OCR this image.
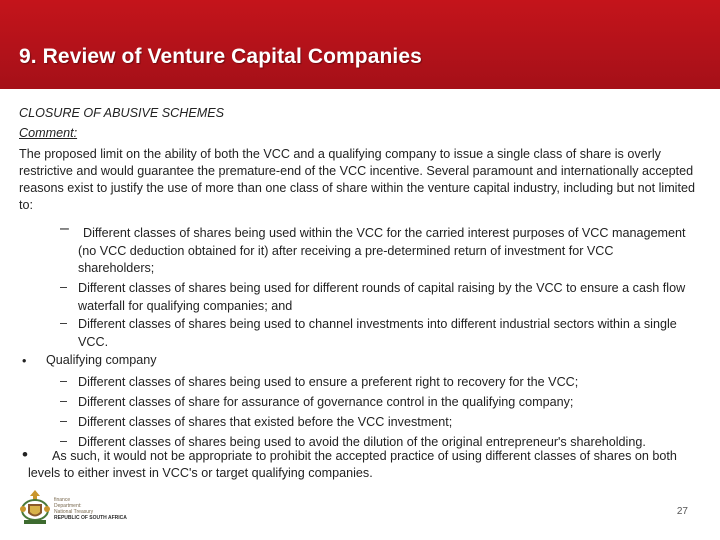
9. Review of Venture Capital Companies
CLOSURE OF ABUSIVE SCHEMES
Comment:
The proposed limit on the ability of both the VCC and a qualifying company to issue a single class of share is overly restrictive and would guarantee the premature-end of the VCC incentive. Several paramount and internationally accepted reasons exist to justify the use of more than one class of share within the venture capital industry, including but not limited to:
–	Different classes of shares being used within the VCC for the carried interest purposes of VCC management (no VCC deduction obtained for it) after receiving a pre-determined return of investment for VCC shareholders;
– Different classes of shares being used for different rounds of capital raising by the VCC to ensure a cash flow waterfall for qualifying companies; and
– Different classes of shares being used to channel investments into different industrial sectors within a single VCC.
• Qualifying company
– Different classes of shares being used to ensure a preferent right to recovery for the VCC;
– Different classes of share for assurance of governance control in the qualifying company;
– Different classes of shares that existed before the VCC investment;
– Different classes of shares being used to avoid the dilution of the original entrepreneur's shareholding.
•	As such, it would not be appropriate to prohibit the accepted practice of using different classes of shares on both levels to either invest in VCC's or target qualifying companies.
finance
Department:
National Treasury
REPUBLIC OF SOUTH AFRICA
27
